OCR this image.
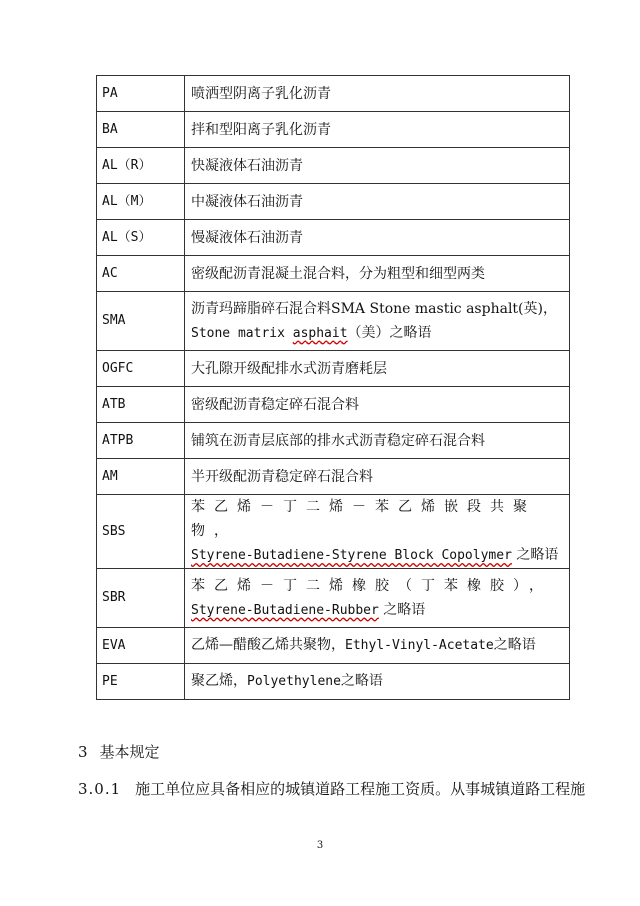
PA	喷洒型阴离子乳化沥青
BA	拌和型阳离子乳化沥青
AL（R）	快凝液体石油沥青
AL（M）	中凝液体石油沥青
AL（S）	慢凝液体石油沥青
AC	密级配沥青混凝土混合料，分为粗型和细型两类
SMA	沥青玛蹄脂碎石混合料SMA Stone mastic asphalt(英)，
Stone matrix asphait（美）之略语

OGFC	大孔隙开级配排水式沥青磨耗层
ATB	密级配沥青稳定碎石混合料
ATPB	铺筑在沥青层底部的排水式沥青稳定碎石混合料
AM	半开级配沥青稳定碎石混合料
SBS	苯乙烯－丁二烯－苯乙烯嵌段共聚物，
Styrene-Butadiene-Styrene Block Copolymer 之略语

SBR	苯乙烯－丁二烯橡胶（丁苯橡胶），
Styrene-Butadiene-Rubber 之略语

EVA	乙烯—醋酸乙烯共聚物，Ethyl-Vinyl-Acetate之略语
PE	聚乙烯，Polyethylene之略语
3 基本规定
3.0.1 施工单位应具备相应的城镇道路工程施工资质。从事城镇道路工程施
3
